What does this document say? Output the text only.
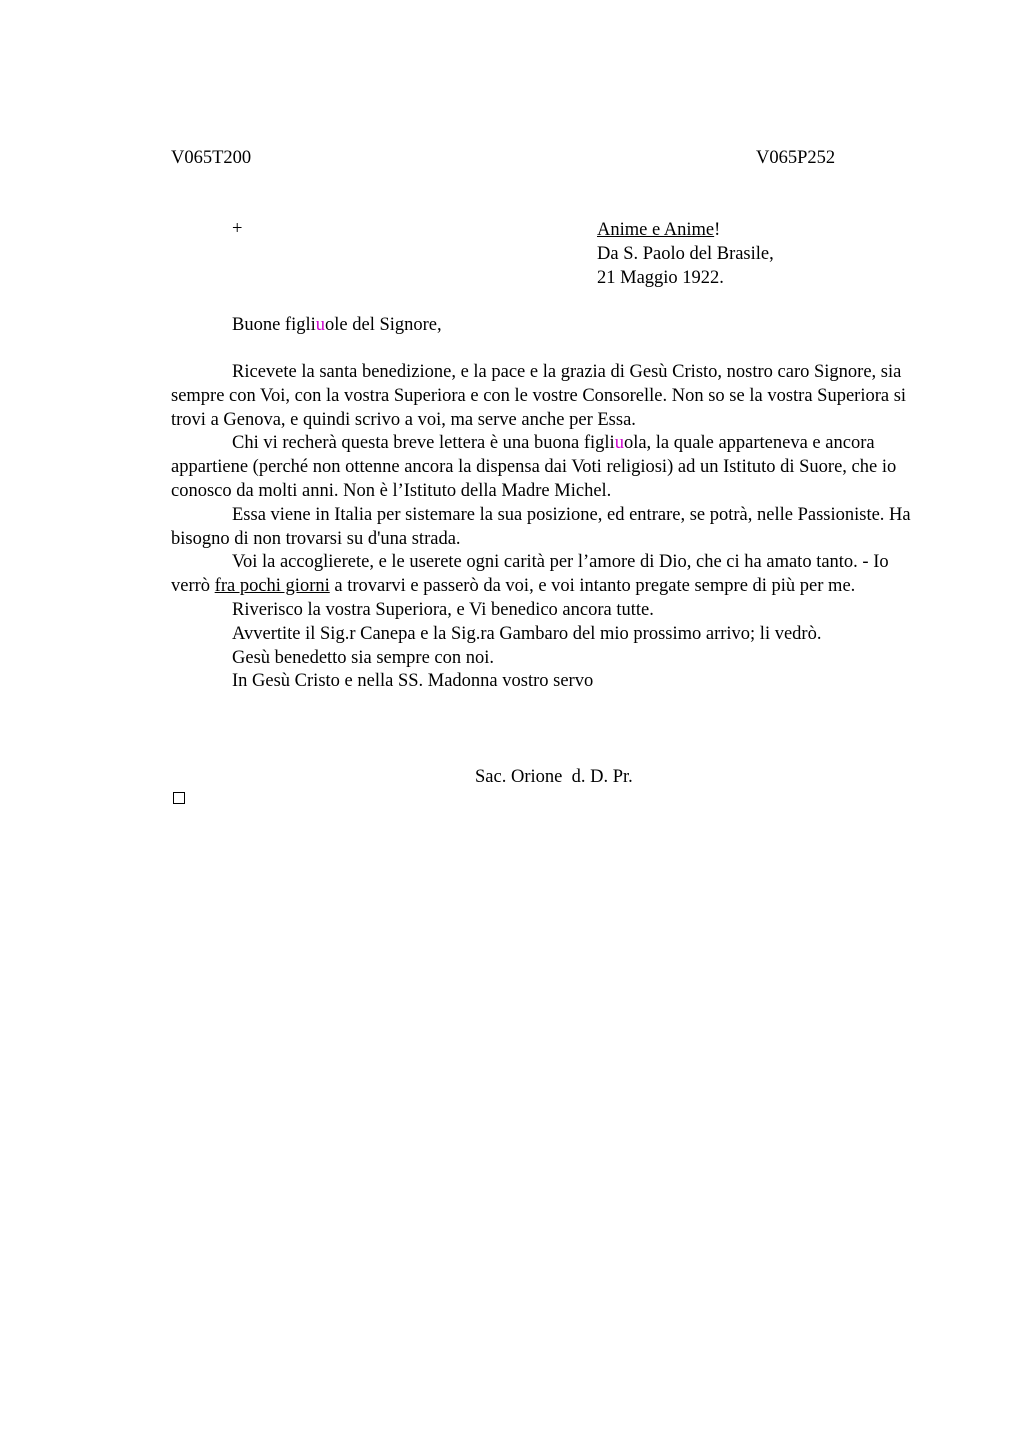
V065T200	V065P252
+	Anime e Anime!
Da S. Paolo del Brasile,
21 Maggio 1922.
Buone figliuole del Signore,

Ricevete la santa benedizione, e la pace e la grazia di Gesù Cristo, nostro caro Signore, sia sempre con Voi, con la vostra Superiora e con le vostre Consorelle. Non so se la vostra Superiora si trovi a Genova, e quindi scrivo a voi, ma serve anche per Essa.

Chi vi recherà questa breve lettera è una buona figliuola, la quale apparteneva e ancora appartiene (perché non ottenne ancora la dispensa dai Voti religiosi) ad un Istituto di Suore, che io conosco da molti anni. Non è l’Istituto della Madre Michel.

Essa viene in Italia per sistemare la sua posizione, ed entrare, se potrà, nelle Passioniste. Ha bisogno di non trovarsi su d'una strada.

Voi la accoglierete, e le userete ogni carità per l’amore di Dio, che ci ha amato tanto. - Io verrò fra pochi giorni a trovarvi e passerò da voi, e voi intanto pregate sempre di più per me.

Riverisco la vostra Superiora, e Vi benedico ancora tutte.

Avvertite il Sig.r Canepa e la Sig.ra Gambaro del mio prossimo arrivo; li vedrò.

Gesù benedetto sia sempre con noi.

In Gesù Cristo e nella SS. Madonna vostro servo

Sac. Orione  d. D. Pr.
